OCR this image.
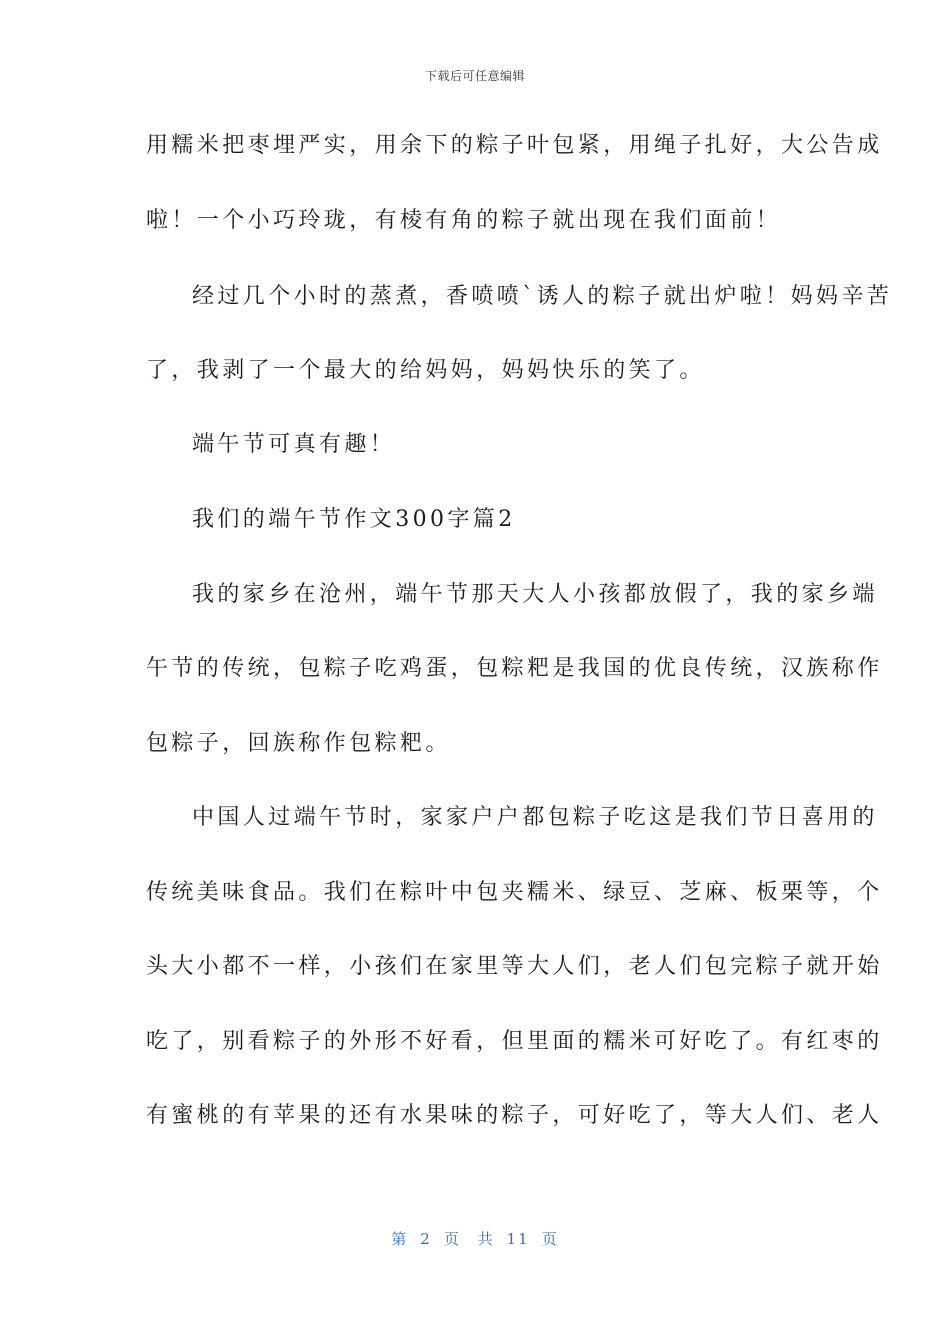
下载后可任意编辑
用糯米把枣埋严实，用余下的粽子叶包紧，用绳子扎好，大公告成
啦！一个小巧玲珑，有棱有角的粽子就出现在我们面前！
经过几个小时的蒸煮，香喷喷`诱人的粽子就出炉啦！妈妈辛苦
了，我剥了一个最大的给妈妈，妈妈快乐的笑了。
端午节可真有趣！
我们的端午节作文300字篇2
我的家乡在沧州，端午节那天大人小孩都放假了，我的家乡端
午节的传统，包粽子吃鸡蛋，包粽粑是我国的优良传统，汉族称作
包粽子，回族称作包粽粑。
中国人过端午节时，家家户户都包粽子吃这是我们节日喜用的
传统美味食品。我们在粽叶中包夹糯米、绿豆、芝麻、板栗等，个
头大小都不一样，小孩们在家里等大人们，老人们包完粽子就开始
吃了，别看粽子的外形不好看，但里面的糯米可好吃了。有红枣的
有蜜桃的有苹果的还有水果味的粽子，可好吃了，等大人们、老人
第 2 页 共 11 页
